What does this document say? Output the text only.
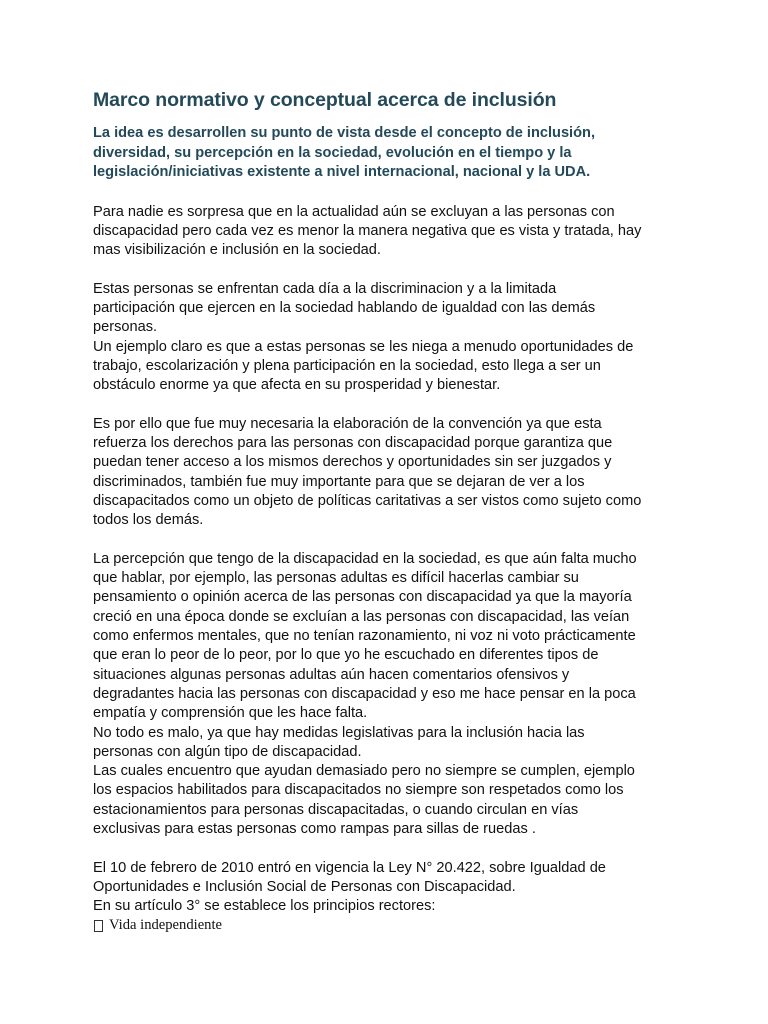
Marco normativo y conceptual acerca de inclusión
La idea es desarrollen su punto de vista desde el concepto de inclusión,
diversidad, su percepción en la sociedad, evolución en el tiempo y la
legislación/iniciativas existente a nivel internacional, nacional y la UDA.
Para nadie es sorpresa que en la actualidad aún se excluyan a las personas con
discapacidad pero cada vez es menor la manera negativa que es vista y tratada, hay
mas visibilización e inclusión en la sociedad.
Estas personas se enfrentan cada día a la discriminacion y a la limitada
participación que ejercen en la sociedad hablando de igualdad con las demás
personas.
Un ejemplo claro es que a estas personas se les niega a menudo oportunidades de
trabajo, escolarización y plena participación en la sociedad, esto llega a ser un
obstáculo enorme ya que afecta en su prosperidad y bienestar.
Es por ello que fue muy necesaria la elaboración de la convención ya que esta
refuerza los derechos para las personas con discapacidad porque garantiza que
puedan tener acceso a los mismos derechos y oportunidades sin ser juzgados y
discriminados, también fue muy importante para que se dejaran de ver a los
discapacitados como un objeto de políticas caritativas a ser vistos como sujeto como
todos los demás.
La percepción que tengo de la discapacidad en la sociedad, es que aún falta mucho
que hablar, por ejemplo, las personas adultas es difícil hacerlas cambiar su
pensamiento o opinión acerca de las personas con discapacidad ya que la mayoría
creció en una época donde se excluían a las personas con discapacidad, las veían
como enfermos mentales, que no tenían razonamiento, ni voz ni voto prácticamente
que eran lo peor de lo peor, por lo que yo he escuchado en diferentes tipos de
situaciones algunas personas adultas aún hacen comentarios ofensivos y
degradantes hacia las personas con discapacidad y eso me hace pensar en la poca
empatía y comprensión que les hace falta.
No todo es malo, ya que hay medidas legislativas para la inclusión hacia las
personas con algún tipo de discapacidad.
Las cuales encuentro que ayudan demasiado pero no siempre se cumplen, ejemplo
los espacios habilitados para discapacitados no siempre son respetados como los
estacionamientos para personas discapacitadas, o cuando circulan en vías
exclusivas para estas personas como rampas para sillas de ruedas .
El 10 de febrero de 2010 entró en vigencia la Ley N° 20.422, sobre Igualdad de
Oportunidades e Inclusión Social de Personas con Discapacidad.
En su artículo 3° se establece los principios rectores:
Vida independiente
